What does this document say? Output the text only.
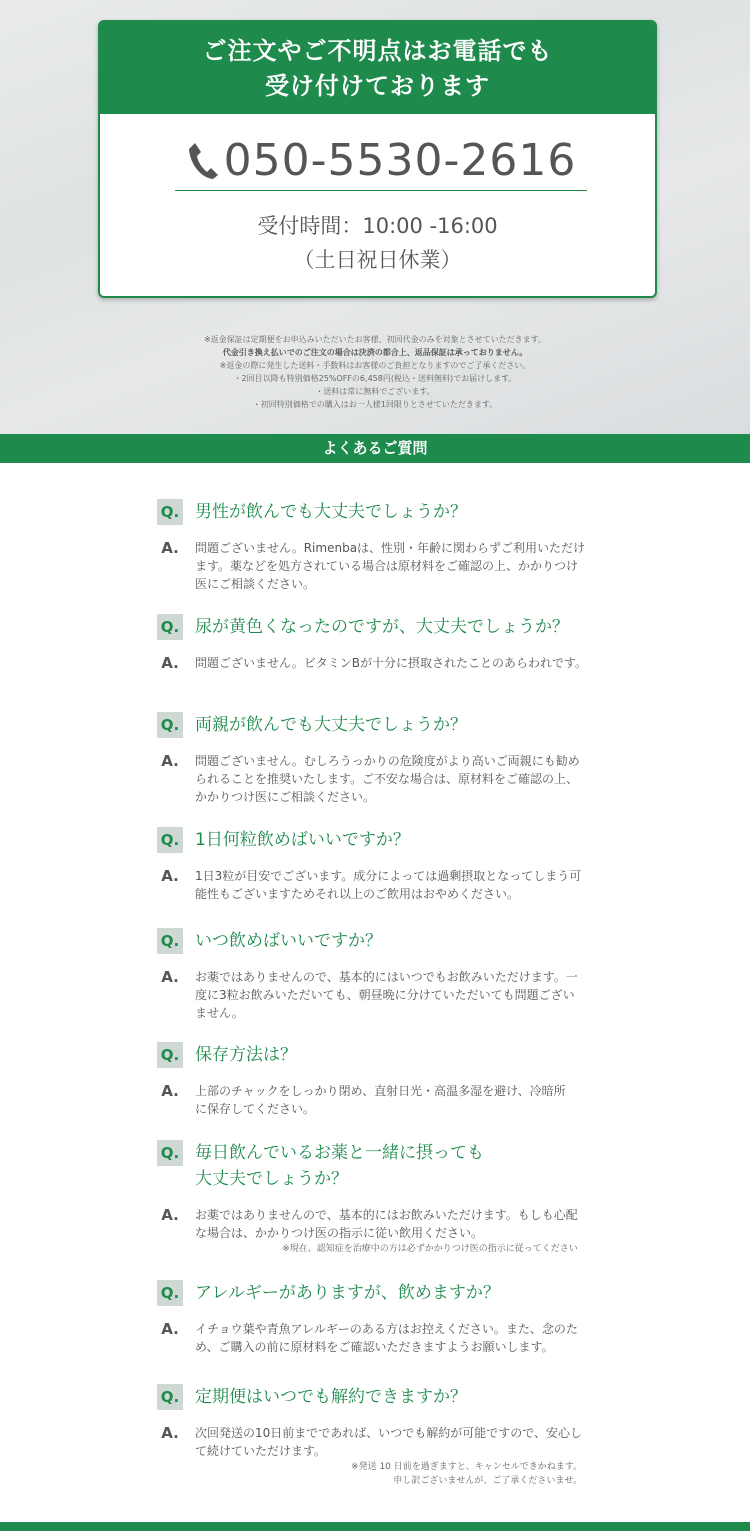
ご注文やご不明点はお電話でも
受け付けております
050-5530-2616
受付時間：10:00 -16:00
（土日祝日休業）
※返金保証は定期便をお申込みいただいたお客様、初回代金のみを対象とさせていただきます。
代金引き換え払いでのご注文の場合は決済の都合上、返品保証は承っておりません。
※返金の際に発生した送料・手数料はお客様のご負担となりますのでご了承ください。
・2回目以降も特別価格25%OFFの6,458円(税込・送料無料)でお届けします。
・送料は常に無料でございます。
・初回特別価格での購入はお一人様1回限りとさせていただきます。
よくあるご質問
Q. 男性が飲んでも大丈夫でしょうか？
A.	問題ございません。Rimenbaは、性別・年齢に関わらずご利用いただけ
ます。薬などを処方されている場合は原材料をご確認の上、かかりつけ
医にご相談ください。
Q. 尿が黄色くなったのですが、大丈夫でしょうか？
A.	問題ございません。ビタミンBが十分に摂取されたことのあらわれです。
Q. 両親が飲んでも大丈夫でしょうか？
A.	問題ございません。むしろうっかりの危険度がより高いご両親にも勧め
られることを推奨いたします。ご不安な場合は、原材料をご確認の上、
かかりつけ医にご相談ください。
Q. 1日何粒飲めばいいですか？
A.	1日3粒が目安でございます。成分によっては過剰摂取となってしまう可
能性もございますためそれ以上のご飲用はおやめください。
Q. いつ飲めばいいですか？
A.	お薬ではありませんので、基本的にはいつでもお飲みいただけます。一
度に3粒お飲みいただいても、朝昼晩に分けていただいても問題ござい
ません。
Q. 保存方法は？
A.	上部のチャックをしっかり閉め、直射日光・高温多湿を避け、冷暗所
に保存してください。
Q. 毎日飲んでいるお薬と一緒に摂っても
大丈夫でしょうか？
A.	お薬ではありませんので、基本的にはお飲みいただけます。もしも心配
な場合は、かかりつけ医の指示に従い飲用ください。
※現在、認知症を治療中の方は必ずかかりつけ医の指示に従ってください
Q. アレルギーがありますが、飲めますか？
A.	イチョウ葉や青魚アレルギーのある方はお控えください。また、念のた
め、ご購入の前に原材料をご確認いただきますようお願いします。
Q. 定期便はいつでも解約できますか？
A.	次回発送の10日前までであれば、いつでも解約が可能ですので、安心し
て続けていただけます。
※発送 10 日前を過ぎますと、キャンセルできかねます。
申し訳ございませんが、ご了承くださいませ。
